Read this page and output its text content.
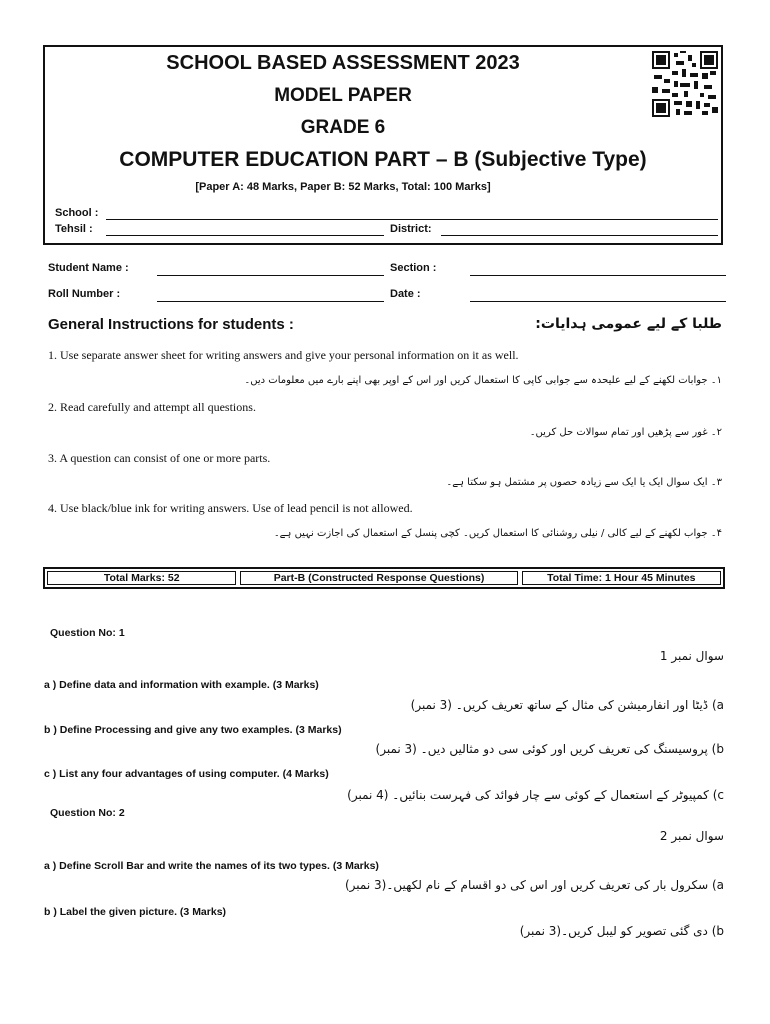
SCHOOL BASED ASSESSMENT 2023
MODEL PAPER
GRADE 6
COMPUTER EDUCATION PART – B (Subjective Type)
[Paper A: 48 Marks, Paper B: 52 Marks, Total: 100 Marks]
School :
Tehsil :	District:
Student Name :	Section :
Roll Number :	Date :
General Instructions for students :	طلبا کے لیے عمومی ہدایات:
1. Use separate answer sheet for writing answers and give your personal information on it as well.
۱۔ جوابات لکھنے کے لیے علیحدہ سے جوابی کاپی کا استعمال کریں اور اس کے اوپر بھی اپنے بارے میں معلومات دیں۔
2. Read carefully and attempt all questions.
۲۔ غور سے پڑھیں اور تمام سوالات حل کریں۔
3. A question can consist of one or more parts.
۳۔ ایک سوال ایک یا ایک سے زیادہ حصوں پر مشتمل ہو سکتا ہے۔
4. Use black/blue ink for writing answers. Use of lead pencil is not allowed.
۴۔ جواب لکھنے کے لیے کالی / نیلی روشنائی کا استعمال کریں۔ کچی پنسل کے استعمال کی اجازت نہیں ہے۔
Total Marks: 52	Part-B (Constructed Response Questions)	Total Time: 1 Hour 45 Minutes
Question No: 1
سوال نمبر 1
a ) Define data and information with example. (3 Marks)
a) ڈیٹا اور انفارمیشن کی مثال کے ساتھ تعریف کریں۔ (3 نمبر)
b ) Define Processing and give any two examples. (3 Marks)
b) پروسیسنگ کی تعریف کریں اور کوئی سی دو مثالیں دیں۔ (3 نمبر)
c ) List any four advantages of using computer. (4 Marks)
c) کمپیوٹر کے استعمال کے کوئی سے چار فوائد کی فہرست بنائیں۔ (4 نمبر)
Question No: 2
سوال نمبر 2
a ) Define Scroll Bar and write the names of its two types. (3 Marks)
a) سکرول بار کی تعریف کریں اور اس کی دو اقسام کے نام لکھیں۔(3 نمبر)
b ) Label the given picture. (3 Marks)
b) دی گئی تصویر کو لیبل کریں۔(3 نمبر)
